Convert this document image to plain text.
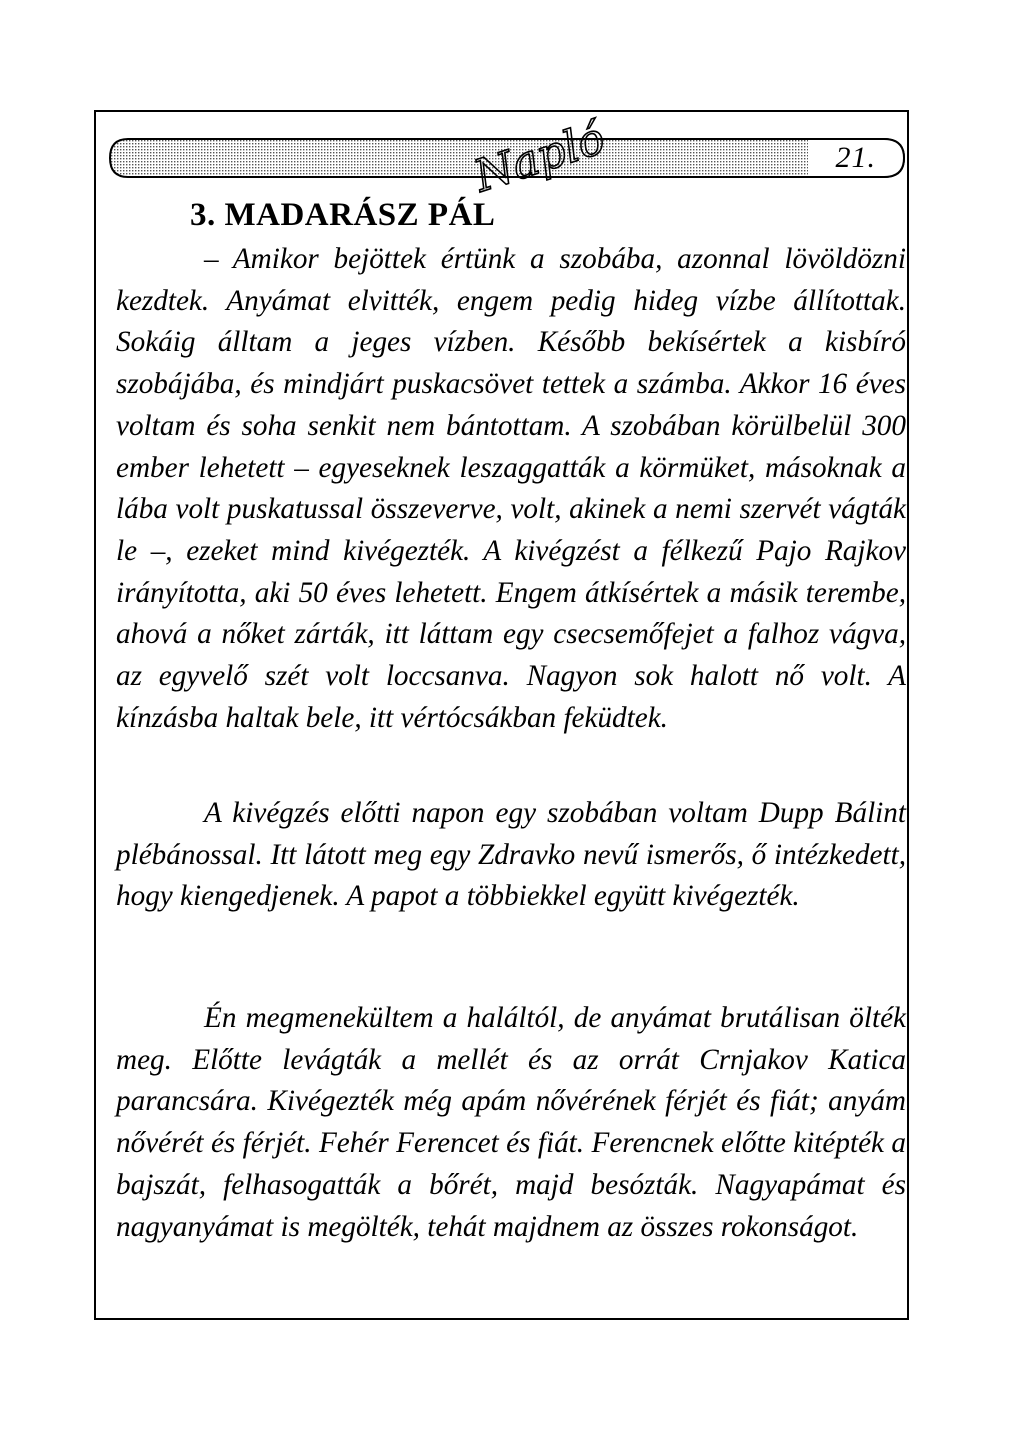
21.
Napló
3. MADARÁSZ PÁL

– Amikor bejöttek értünk a szobába, azonnal lövöldözni kezdtek. Anyámat elvitték, engem pedig hideg vízbe állítottak. Sokáig álltam a jeges vízben. Később bekísértek a kisbíró szobájába, és mindjárt puskacsövet tettek a számba. Akkor 16 éves voltam és soha senkit nem bántottam. A szobában körülbelül 300 ember lehetett – egyeseknek leszaggatták a körmüket, másoknak a lába volt puskatussal összeverve, volt, akinek a nemi szervét vágták le –, ezeket mind kivégezték. A kivégzést a félkezű Pajo Rajkov irányította, aki 50 éves lehetett. Engem átkísértek a másik terembe, ahová a nőket zárták, itt láttam egy csecsemőfejet a falhoz vágva, az egyvelő szét volt loccsanva. Nagyon sok halott nő volt. A kínzásba haltak bele, itt vértócsákban feküdtek.

A kivégzés előtti napon egy szobában voltam Dupp Bálint plébánossal. Itt látott meg egy Zdravko nevű ismerős, ő intézkedett, hogy kiengedjenek. A papot a többiekkel együtt kivégezték.

Én megmenekültem a haláltól, de anyámat brutálisan ölték meg. Előtte levágták a mellét és az orrát Crnjakov Katica parancsára. Kivégezték még apám nővérének férjét és fiát; anyám nővérét és férjét. Fehér Ferencet és fiát. Ferencnek előtte kitépték a bajszát, felhasogatták a bőrét, majd besózták. Nagyapámat és nagyanyámat is megölték, tehát majdnem az összes rokonságot.
